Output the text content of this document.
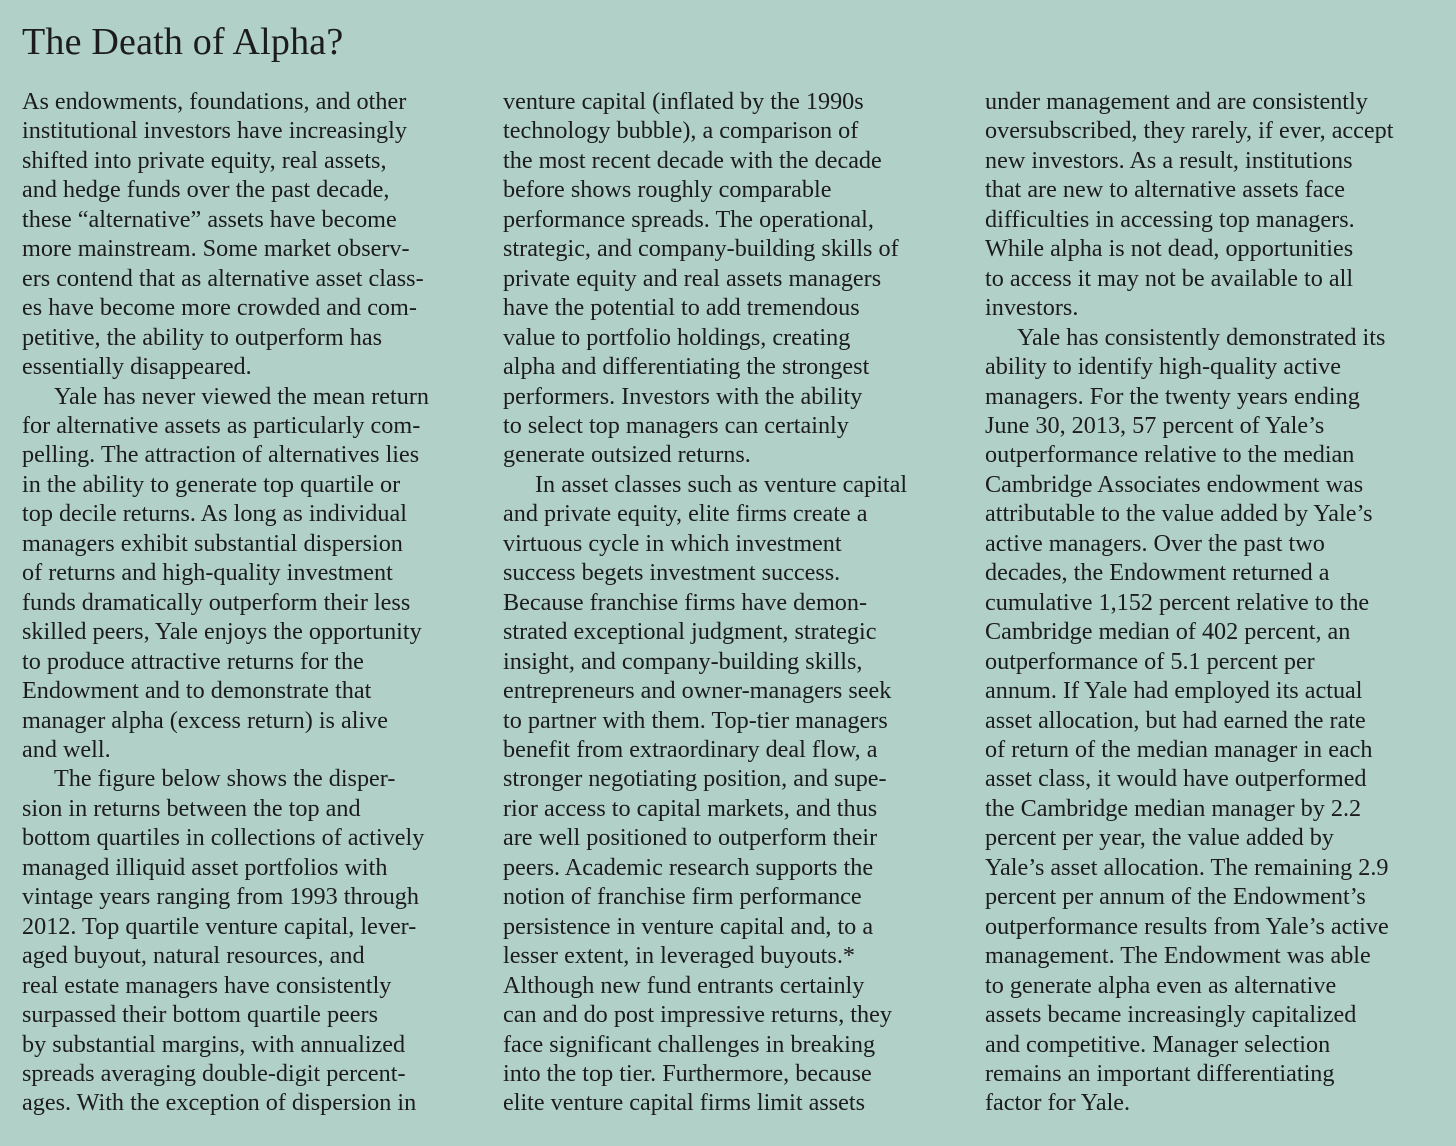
The Death of Alpha?
As endowments, foundations, and other
institutional investors have increasingly
shifted into private equity, real assets,
and hedge funds over the past decade,
these “alternative” assets have become
more mainstream. Some market observ-
ers contend that as alternative asset class-
es have become more crowded and com-
petitive, the ability to outperform has
essentially disappeared.
Yale has never viewed the mean return
for alternative assets as particularly com-
pelling. The attraction of alternatives lies
in the ability to generate top quartile or
top decile returns. As long as individual
managers exhibit substantial dispersion
of returns and high-quality investment
funds dramatically outperform their less
skilled peers, Yale enjoys the opportunity
to produce attractive returns for the
Endowment and to demonstrate that
manager alpha (excess return) is alive
and well.
The figure below shows the disper-
sion in returns between the top and
bottom quartiles in collections of actively
managed illiquid asset portfolios with
vintage years ranging from 1993 through
2012. Top quartile venture capital, lever-
aged buyout, natural resources, and
real estate managers have consistently
surpassed their bottom quartile peers
by substantial margins, with annualized
spreads averaging double-digit percent-
ages. With the exception of dispersion in
venture capital (inflated by the 1990s
technology bubble), a comparison of
the most recent decade with the decade
before shows roughly comparable
performance spreads. The operational,
strategic, and company-building skills of
private equity and real assets managers
have the potential to add tremendous
value to portfolio holdings, creating
alpha and differentiating the strongest
performers. Investors with the ability
to select top managers can certainly
generate outsized returns.
In asset classes such as venture capital
and private equity, elite firms create a
virtuous cycle in which investment
success begets investment success.
Because franchise firms have demon-
strated exceptional judgment, strategic
insight, and company-building skills,
entrepreneurs and owner-managers seek
to partner with them. Top-tier managers
benefit from extraordinary deal flow, a
stronger negotiating position, and supe-
rior access to capital markets, and thus
are well positioned to outperform their
peers. Academic research supports the
notion of franchise firm performance
persistence in venture capital and, to a
lesser extent, in leveraged buyouts.*
Although new fund entrants certainly
can and do post impressive returns, they
face significant challenges in breaking
into the top tier. Furthermore, because
elite venture capital firms limit assets
under management and are consistently
oversubscribed, they rarely, if ever, accept
new investors. As a result, institutions
that are new to alternative assets face
difficulties in accessing top managers.
While alpha is not dead, opportunities
to access it may not be available to all
investors.
Yale has consistently demonstrated its
ability to identify high-quality active
managers. For the twenty years ending
June 30, 2013, 57 percent of Yale’s
outperformance relative to the median
Cambridge Associates endowment was
attributable to the value added by Yale’s
active managers. Over the past two
decades, the Endowment returned a
cumulative 1,152 percent relative to the
Cambridge median of 402 percent, an
outperformance of 5.1 percent per
annum. If Yale had employed its actual
asset allocation, but had earned the rate
of return of the median manager in each
asset class, it would have outperformed
the Cambridge median manager by 2.2
percent per year, the value added by
Yale’s asset allocation. The remaining 2.9
percent per annum of the Endowment’s
outperformance results from Yale’s active
management. The Endowment was able
to generate alpha even as alternative
assets became increasingly capitalized
and competitive. Manager selection
remains an important differentiating
factor for Yale.
